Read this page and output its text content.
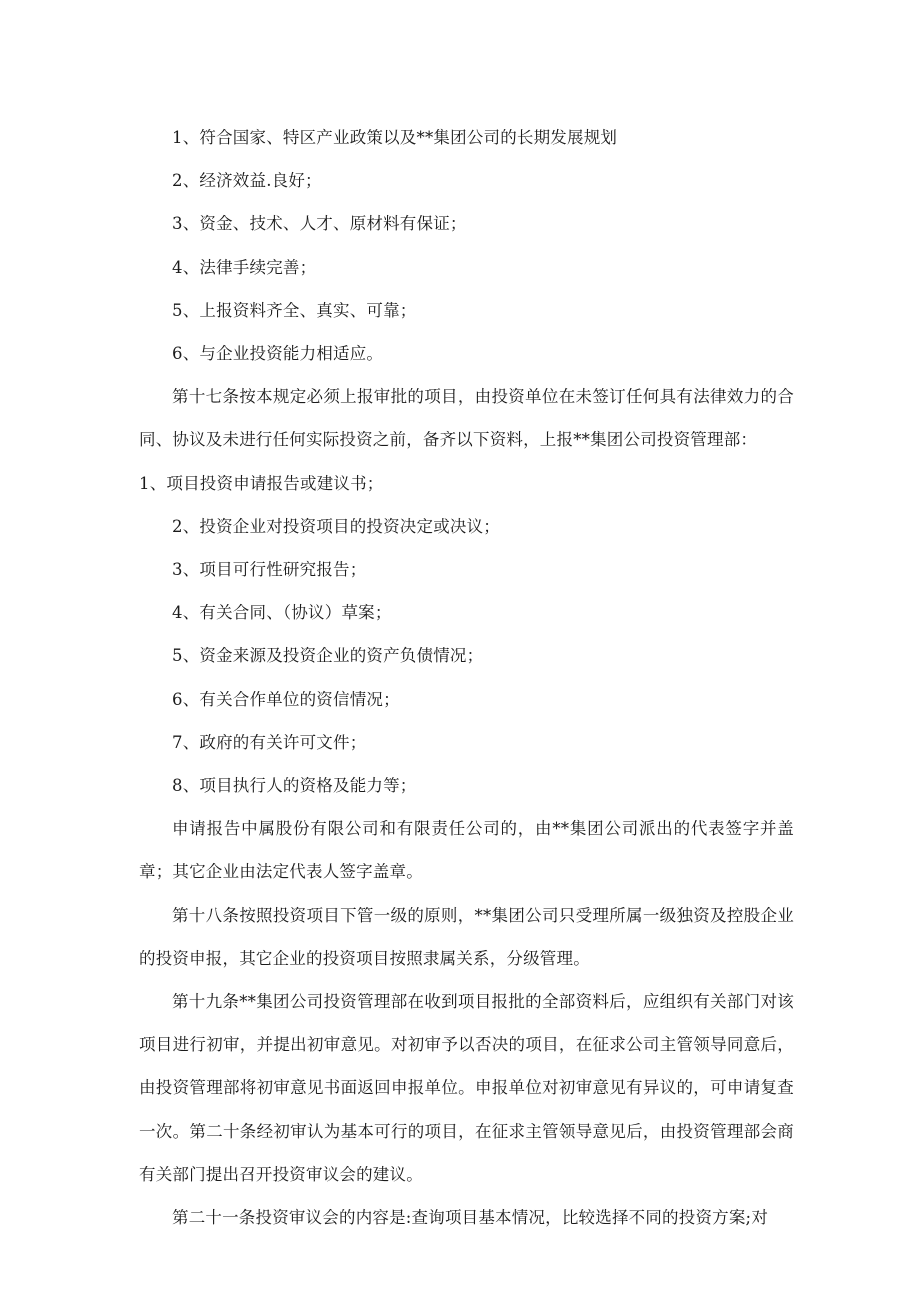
1、符合国家、特区产业政策以及**集团公司的长期发展规划

2、经济效益.良好；

3、资金、技术、人才、原材料有保证；

4、法律手续完善；

5、上报资料齐全、真实、可靠；

6、与企业投资能力相适应。

第十七条按本规定必须上报审批的项目，由投资单位在未签订任何具有法律效力的合同、协议及未进行任何实际投资之前，备齐以下资料，上报**集团公司投资管理部：
1、项目投资申请报告或建议书；

2、投资企业对投资项目的投资决定或决议；

3、项目可行性研究报告；

4、有关合同、（协议）草案；

5、资金来源及投资企业的资产负债情况；

6、有关合作单位的资信情况；

7、政府的有关许可文件；

8、项目执行人的资格及能力等；

申请报告中属股份有限公司和有限责任公司的，由**集团公司派出的代表签字并盖章；其它企业由法定代表人签字盖章。

第十八条按照投资项目下管一级的原则，**集团公司只受理所属一级独资及控股企业的投资申报，其它企业的投资项目按照隶属关系，分级管理。

第十九条**集团公司投资管理部在收到项目报批的全部资料后，应组织有关部门对该项目进行初审，并提出初审意见。对初审予以否决的项目，在征求公司主管领导同意后，由投资管理部将初审意见书面返回申报单位。申报单位对初审意见有异议的，可申请复查一次。第二十条经初审认为基本可行的项目，在征求主管领导意见后，由投资管理部会商有关部门提出召开投资审议会的建议。

第二十一条投资审议会的内容是:查询项目基本情况，比较选择不同的投资方案;对
